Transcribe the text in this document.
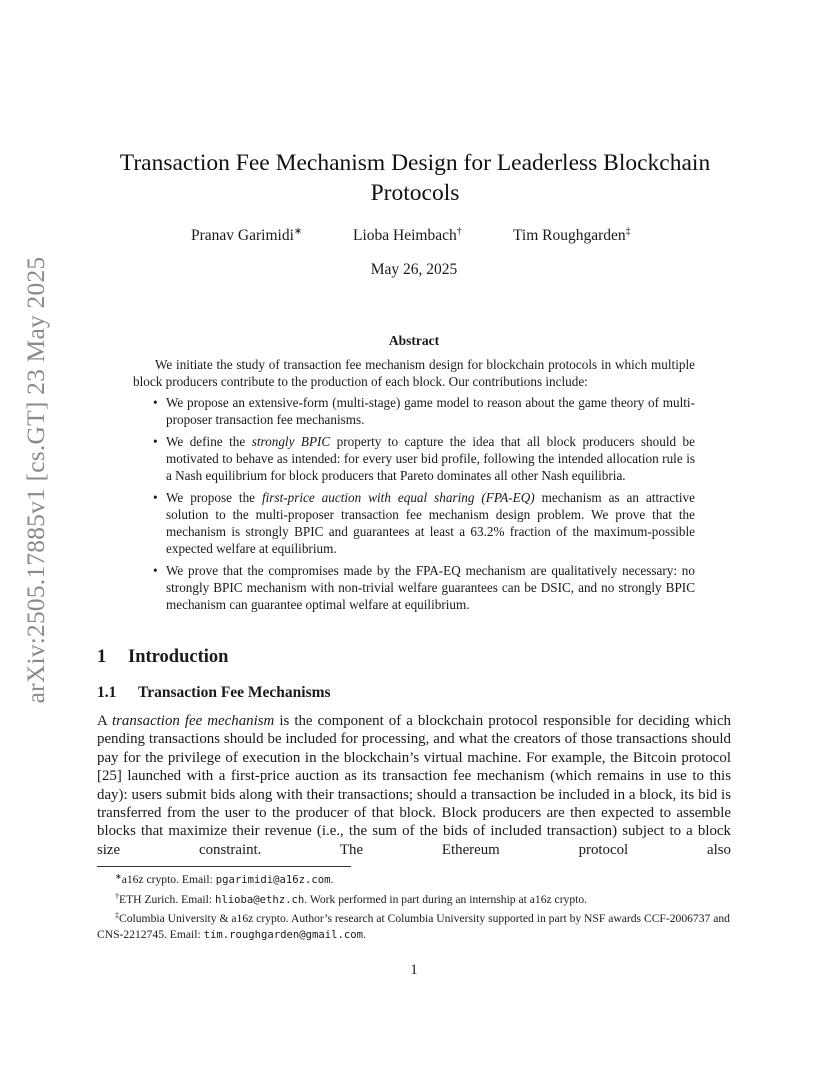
arXiv:2505.17885v1 [cs.GT] 23 May 2025
Transaction Fee Mechanism Design for Leaderless Blockchain Protocols
Pranav Garimidi∗	Lioba Heimbach†	Tim Roughgarden‡
May 26, 2025
Abstract

We initiate the study of transaction fee mechanism design for blockchain protocols in which multiple block producers contribute to the production of each block. Our contributions include:

• We propose an extensive-form (multi-stage) game model to reason about the game theory of multi-proposer transaction fee mechanisms.
• We define the strongly BPIC property to capture the idea that all block producers should be motivated to behave as intended: for every user bid profile, following the intended allocation rule is a Nash equilibrium for block producers that Pareto dominates all other Nash equilibria.
• We propose the first-price auction with equal sharing (FPA-EQ) mechanism as an attractive solution to the multi-proposer transaction fee mechanism design problem. We prove that the mechanism is strongly BPIC and guarantees at least a 63.2% fraction of the maximum-possible expected welfare at equilibrium.
• We prove that the compromises made by the FPA-EQ mechanism are qualitatively necessary: no strongly BPIC mechanism with non-trivial welfare guarantees can be DSIC, and no strongly BPIC mechanism can guarantee optimal welfare at equilibrium.
1 Introduction
1.1 Transaction Fee Mechanisms

A transaction fee mechanism is the component of a blockchain protocol responsible for deciding which pending transactions should be included for processing, and what the creators of those transactions should pay for the privilege of execution in the blockchain’s virtual machine. For example, the Bitcoin protocol [25] launched with a first-price auction as its transaction fee mechanism (which remains in use to this day): users submit bids along with their transactions; should a transaction be included in a block, its bid is transferred from the user to the producer of that block. Block producers are then expected to assemble blocks that maximize their revenue (i.e., the sum of the bids of included transaction) subject to a block size constraint. The Ethereum protocol also

∗a16z crypto. Email: pgarimidi@a16z.com.

†ETH Zurich. Email: hlioba@ethz.ch. Work performed in part during an internship at a16z crypto.

‡Columbia University & a16z crypto. Author’s research at Columbia University supported in part by NSF awards CCF-2006737 and CNS-2212745. Email: tim.roughgarden@gmail.com.

1
